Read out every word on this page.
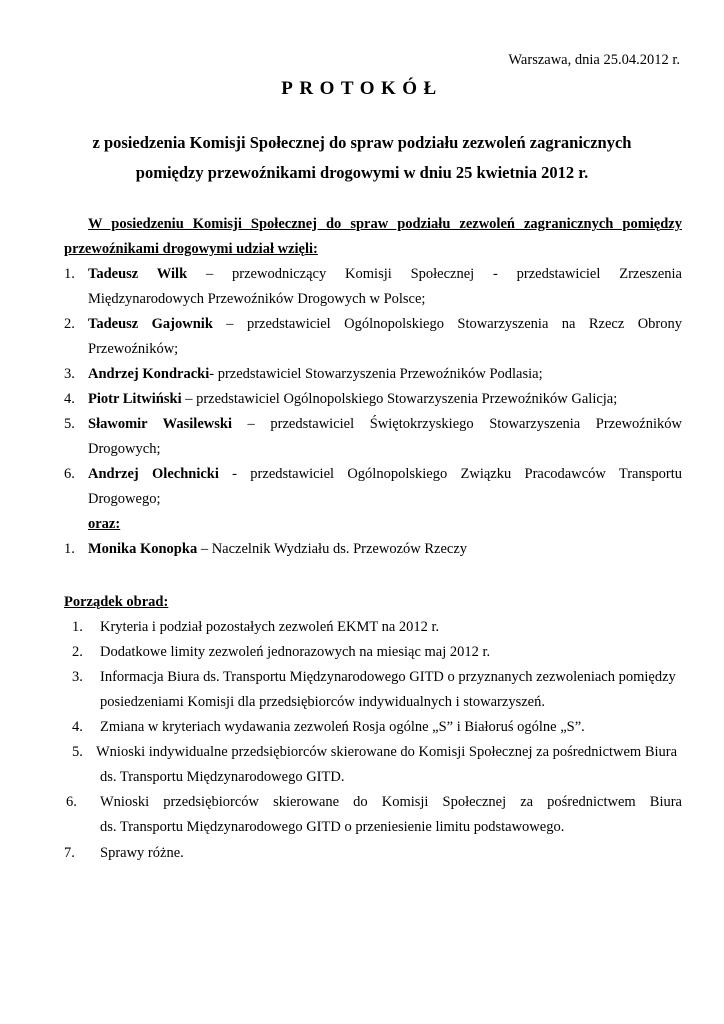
Warszawa, dnia 25.04.2012 r.
PROTOKÓŁ
z posiedzenia Komisji Społecznej do spraw podziału zezwoleń zagranicznych
pomiędzy przewoźnikami drogowymi w dniu 25 kwietnia 2012 r.
W posiedzeniu Komisji Społecznej do spraw podziału zezwoleń zagranicznych pomiędzy
przewoźnikami drogowymi udział wzięli:
1. Tadeusz Wilk – przewodniczący Komisji Społecznej - przedstawiciel Zrzeszenia
Międzynarodowych Przewoźników Drogowych w Polsce;
2. Tadeusz Gajownik – przedstawiciel Ogólnopolskiego Stowarzyszenia na Rzecz Obrony
Przewoźników;
3. Andrzej Kondracki- przedstawiciel Stowarzyszenia Przewoźników Podlasia;
4. Piotr Litwiński – przedstawiciel Ogólnopolskiego Stowarzyszenia Przewoźników Galicja;
5. Sławomir Wasilewski – przedstawiciel Świętokrzyskiego Stowarzyszenia Przewoźników
Drogowych;
6. Andrzej Olechnicki - przedstawiciel Ogólnopolskiego Związku Pracodawców Transportu
Drogowego;
oraz:
1. Monika Konopka – Naczelnik Wydziału ds. Przewozów Rzeczy
Porządek obrad:
1. Kryteria i podział pozostałych zezwoleń EKMT na 2012 r.
2. Dodatkowe limity zezwoleń jednorazowych na miesiąc maj 2012 r.
3. Informacja Biura ds. Transportu Międzynarodowego GITD o przyznanych zezwoleniach pomiędzy
posiedzeniami Komisji dla przedsiębiorców indywidualnych i stowarzyszeń.
4. Zmiana w kryteriach wydawania zezwoleń Rosja ogólne „S” i Białoruś ogólne „S”.
5. Wnioski indywidualne przedsiębiorców skierowane do Komisji Społecznej za pośrednictwem Biura
ds. Transportu Międzynarodowego GITD.
6. Wnioski przedsiębiorców skierowane do Komisji Społecznej za pośrednictwem Biura
ds. Transportu Międzynarodowego GITD o przeniesienie limitu podstawowego.
7. Sprawy różne.
